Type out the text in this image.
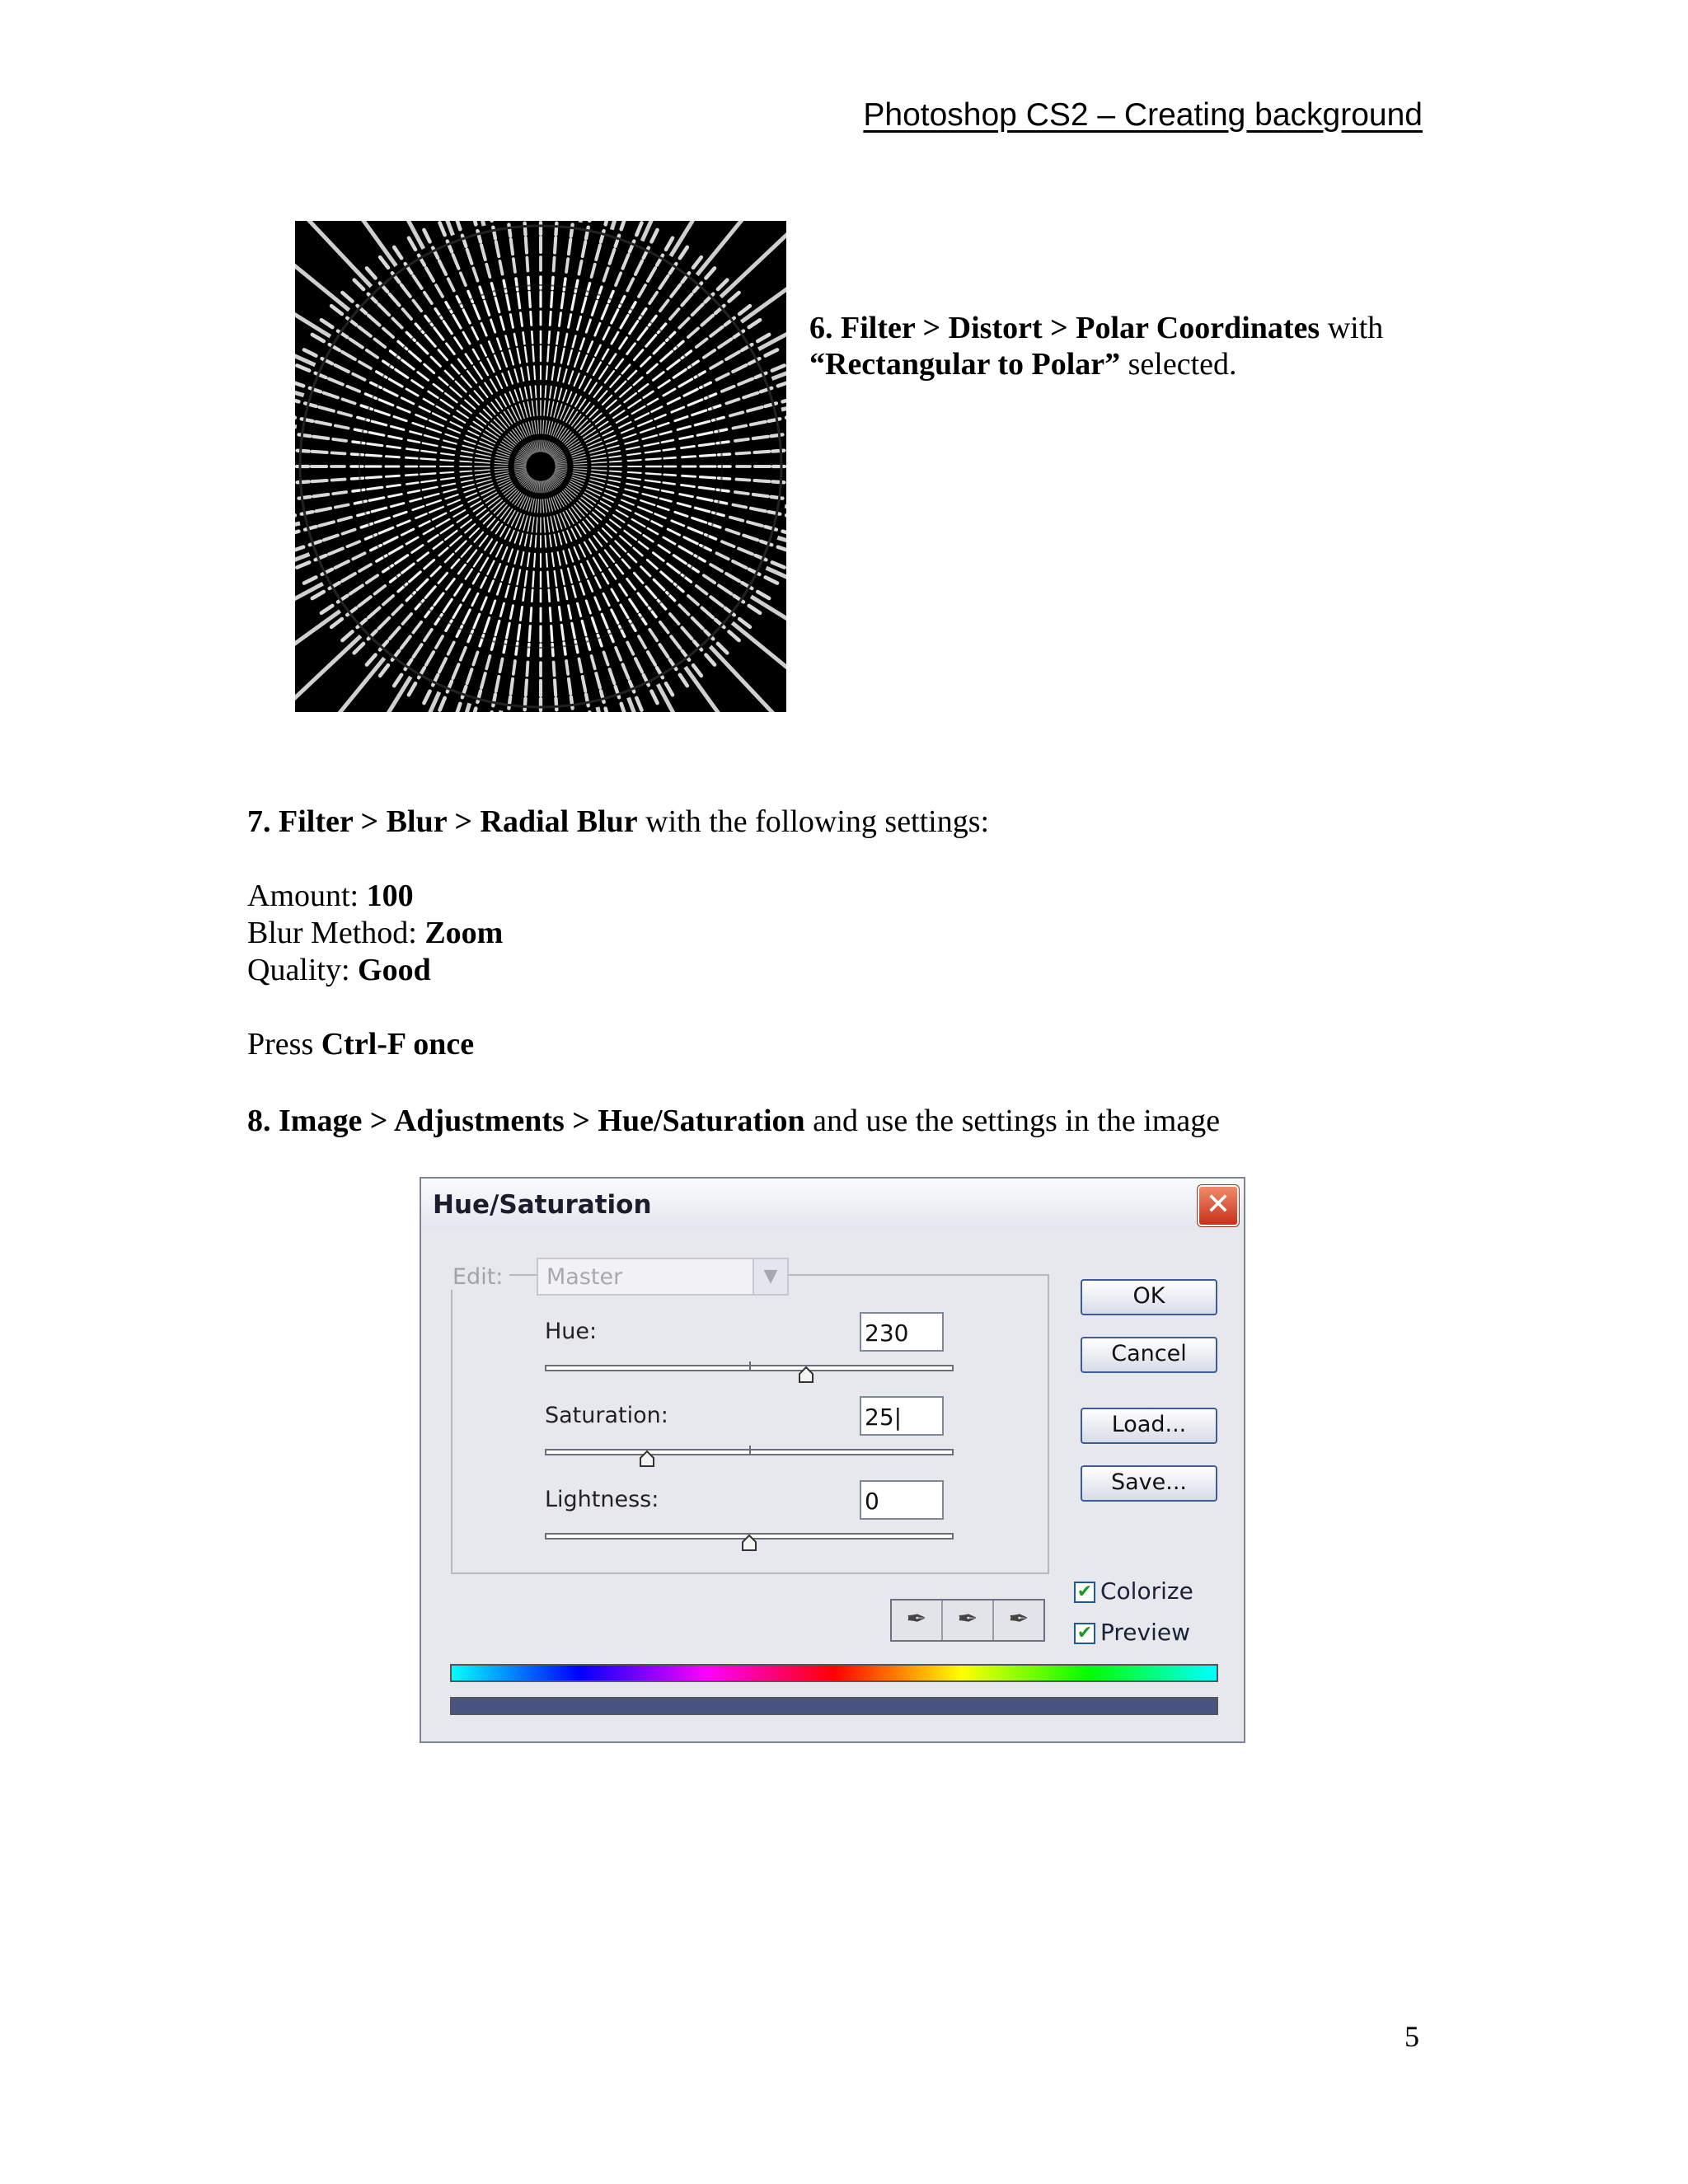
Photoshop CS2 – Creating background
6. Filter > Distort > Polar Coordinates with
“Rectangular to Polar” selected.
7. Filter > Blur > Radial Blur with the following settings:
Amount: 100
Blur Method: Zoom
Quality: Good
Press Ctrl-F once
8. Image > Adjustments > Hue/Saturation and use the settings in the image
Hue/Saturation	✕
Edit:	Master	▼
Hue:	230
Saturation:	25|
Lightness:	0
OK
Cancel
Load...
Save...
✔ Colorize
✔ Preview
✒	✒	✒
5
